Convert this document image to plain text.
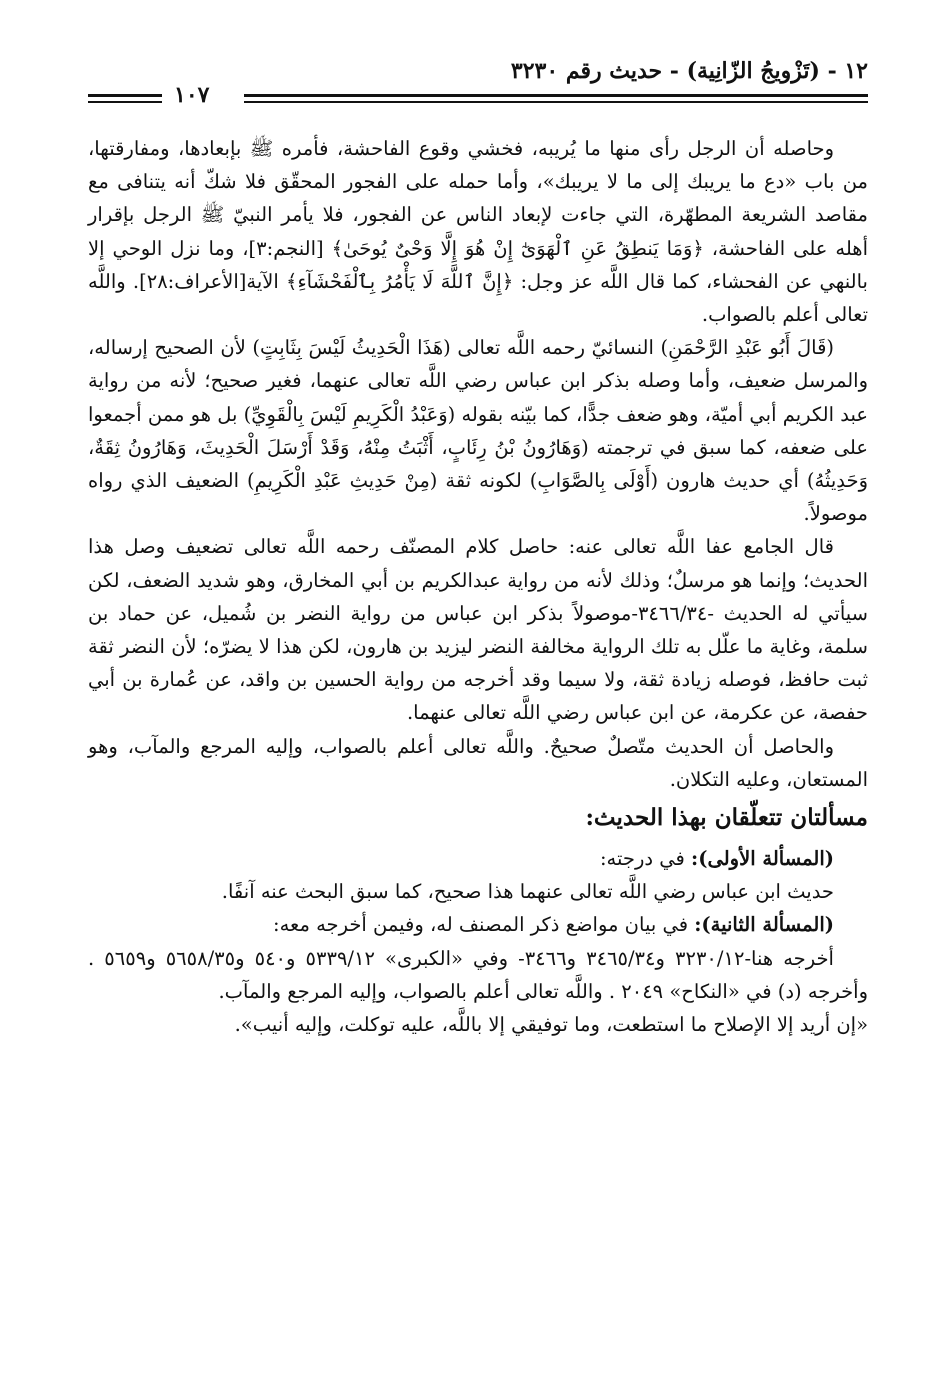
١٢ - (تَزْويجُ الزّانِية) - حديث رقم ٣٢٣٠
١٠٧

وحاصله أن الرجل رأى منها ما يُريبه، فخشي وقوع الفاحشة، فأمره ﷺ بإبعادها، ومفارقتها، من باب «دع ما يريبك إلى ما لا يريبك»، وأما حمله على الفجور المحقّق فلا شكّ أنه يتنافى مع مقاصد الشريعة المطهّرة، التي جاءت لإبعاد الناس عن الفجور، فلا يأمر النبيّ ﷺ الرجل بإقرار أهله على الفاحشة، ﴿وَمَا يَنطِقُ عَنِ ٱلْهَوَىٰٓ إِنْ هُوَ إِلَّا وَحْىٌ يُوحَىٰ﴾ [النجم:٣]، وما نزل الوحي إلا بالنهي عن الفحشاء، كما قال اللَّه عز وجل: ﴿إِنَّ ٱللَّهَ لَا يَأْمُرُ بِٱلْفَحْشَآءِ﴾ الآية[الأعراف:٢٨]. واللَّه تعالى أعلم بالصواب.

(قَالَ أَبُو عَبْدِ الرَّحْمَنِ) النسائيّ رحمه اللَّه تعالى (هَذَا الْحَدِيثُ لَيْسَ بِثَابِتٍ) لأن الصحيح إرساله، والمرسل ضعيف، وأما وصله بذكر ابن عباس رضي اللَّه تعالى عنهما، فغير صحيح؛ لأنه من رواية عبد الكريم أبي أميّة، وهو ضعف جدًّا، كما بيّنه بقوله (وَعَبْدُ الْكَرِيمِ لَيْسَ بِالْقَوِيِّ) بل هو ممن أجمعوا على ضعفه، كما سبق في ترجمته (وَهَارُونُ بْنُ رِئَابٍ، أَثْبَتُ مِنْهُ، وَقَدْ أَرْسَلَ الْحَدِيثَ، وَهَارُونُ ثِقَةٌ، وَحَدِيثُهُ) أي حديث هارون (أَوْلَى بِالصَّوَابِ) لكونه ثقة (مِنْ حَدِيثِ عَبْدِ الْكَرِيمِ) الضعيف الذي رواه موصولاً.

قال الجامع عفا اللَّه تعالى عنه: حاصل كلام المصنّف رحمه اللَّه تعالى تضعيف وصل هذا الحديث؛ وإنما هو مرسلٌ؛ وذلك لأنه من رواية عبدالكريم بن أبي المخارق، وهو شديد الضعف، لكن سيأتي له الحديث -٣٤٦٦/٣٤-موصولاً بذكر ابن عباس من رواية النضر بن شُميل، عن حماد بن سلمة، وغاية ما علّل به تلك الرواية مخالفة النضر ليزيد بن هارون، لكن هذا لا يضرّه؛ لأن النضر ثقة ثبت حافظ، فوصله زيادة ثقة، ولا سيما وقد أخرجه من رواية الحسين بن واقد، عن عُمارة بن أبي حفصة، عن عكرمة، عن ابن عباس رضي اللَّه تعالى عنهما.

والحاصل أن الحديث متّصلٌ صحيحٌ. واللَّه تعالى أعلم بالصواب، وإليه المرجع والمآب، وهو المستعان، وعليه التكلان.

مسألتان تتعلّقان بهذا الحديث:

(المسألة الأولى): في درجته:

حديث ابن عباس رضي اللَّه تعالى عنهما هذا صحيح، كما سبق البحث عنه آنفًا.

(المسألة الثانية): في بيان مواضع ذكر المصنف له، وفيمن أخرجه معه:

أخرجه هنا-٣٢٣٠/١٢ و٣٤٦٥/٣٤ و٣٤٦٦- وفي «الكبرى» ٥٣٣٩/١٢ و٥٤٠ و٥٦٥٨/٣٥ و٥٦٥٩ . وأخرجه (د) في «النكاح» ٢٠٤٩ . واللَّه تعالى أعلم بالصواب، وإليه المرجع والمآب.

«إن أريد إلا الإصلاح ما استطعت، وما توفيقي إلا باللَّه، عليه توكلت، وإليه أنيب».
